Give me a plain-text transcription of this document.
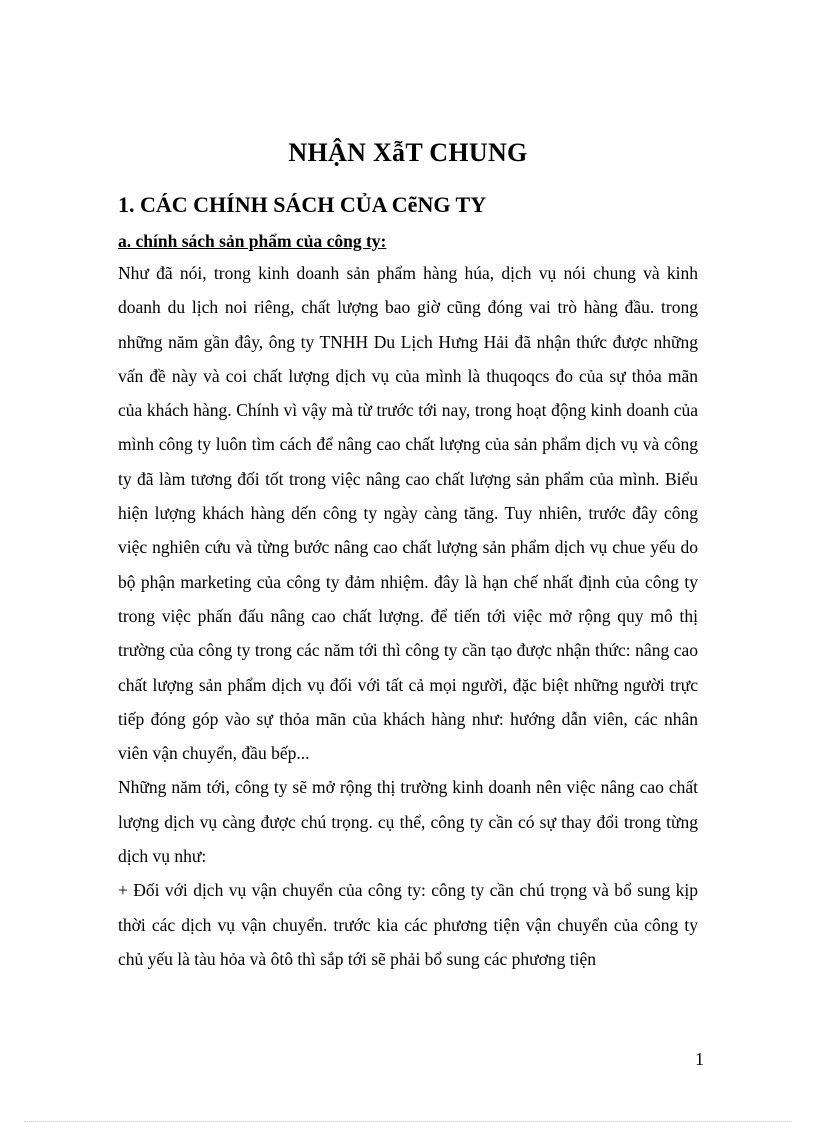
NHẬN XẫT CHUNG
1. CÁC CHÍNH SÁCH CỦA CẽNG TY
a. chính sách sản phẩm của công ty:

Như đã nói, trong kinh doanh sản phẩm hàng húa, dịch vụ nói chung và kinh doanh du lịch noi riêng, chất lượng bao giờ cũng đóng vai trò hàng đầu. trong những năm gần đây, ông ty TNHH Du Lịch Hưng Hải đã nhận thức được những vấn đề này và coi chất lượng dịch vụ của mình là thuqoqcs đo của sự thỏa mãn của khách hàng. Chính vì vậy mà từ trước tới nay, trong hoạt động kinh doanh của mình công ty luôn tìm cách để nâng cao chất lượng của sản phẩm dịch vụ và công ty đã làm tương đối tốt trong việc nâng cao chất lượng sản phẩm của mình. Biểu hiện lượng khách hàng dến công ty ngày càng tăng. Tuy nhiên, trước đây công việc nghiên cứu và từng bước nâng cao chất lượng sản phẩm dịch vụ chue yếu do bộ phận marketing của công ty đảm nhiệm. đây là hạn chế nhất định của công ty trong việc phấn đấu nâng cao chất lượng. để tiến tới việc mở rộng quy mô thị trường của công ty trong các năm tới thì công ty cần tạo được nhận thức: nâng cao chất lượng sản phẩm dịch vụ đối với tất cả mọi người, đặc biệt những người trực tiếp đóng góp vào sự thỏa mãn của khách hàng như: hướng dẫn viên, các nhân viên vận chuyển, đầu bếp...

Những năm tới, công ty sẽ mở rộng thị trường kinh doanh nên việc nâng cao chất lượng dịch vụ càng được chú trọng. cụ thể, công ty cần có sự thay đổi trong từng dịch vụ như:

+ Đối với dịch vụ vận chuyển của công ty: công ty cần chú trọng và bổ sung kịp thời các dịch vụ vận chuyển. trước kia các phương tiện vận chuyển của công ty chủ yếu là tàu hỏa và ôtô thì sắp tới sẽ phải bổ sung các phương tiện

1
